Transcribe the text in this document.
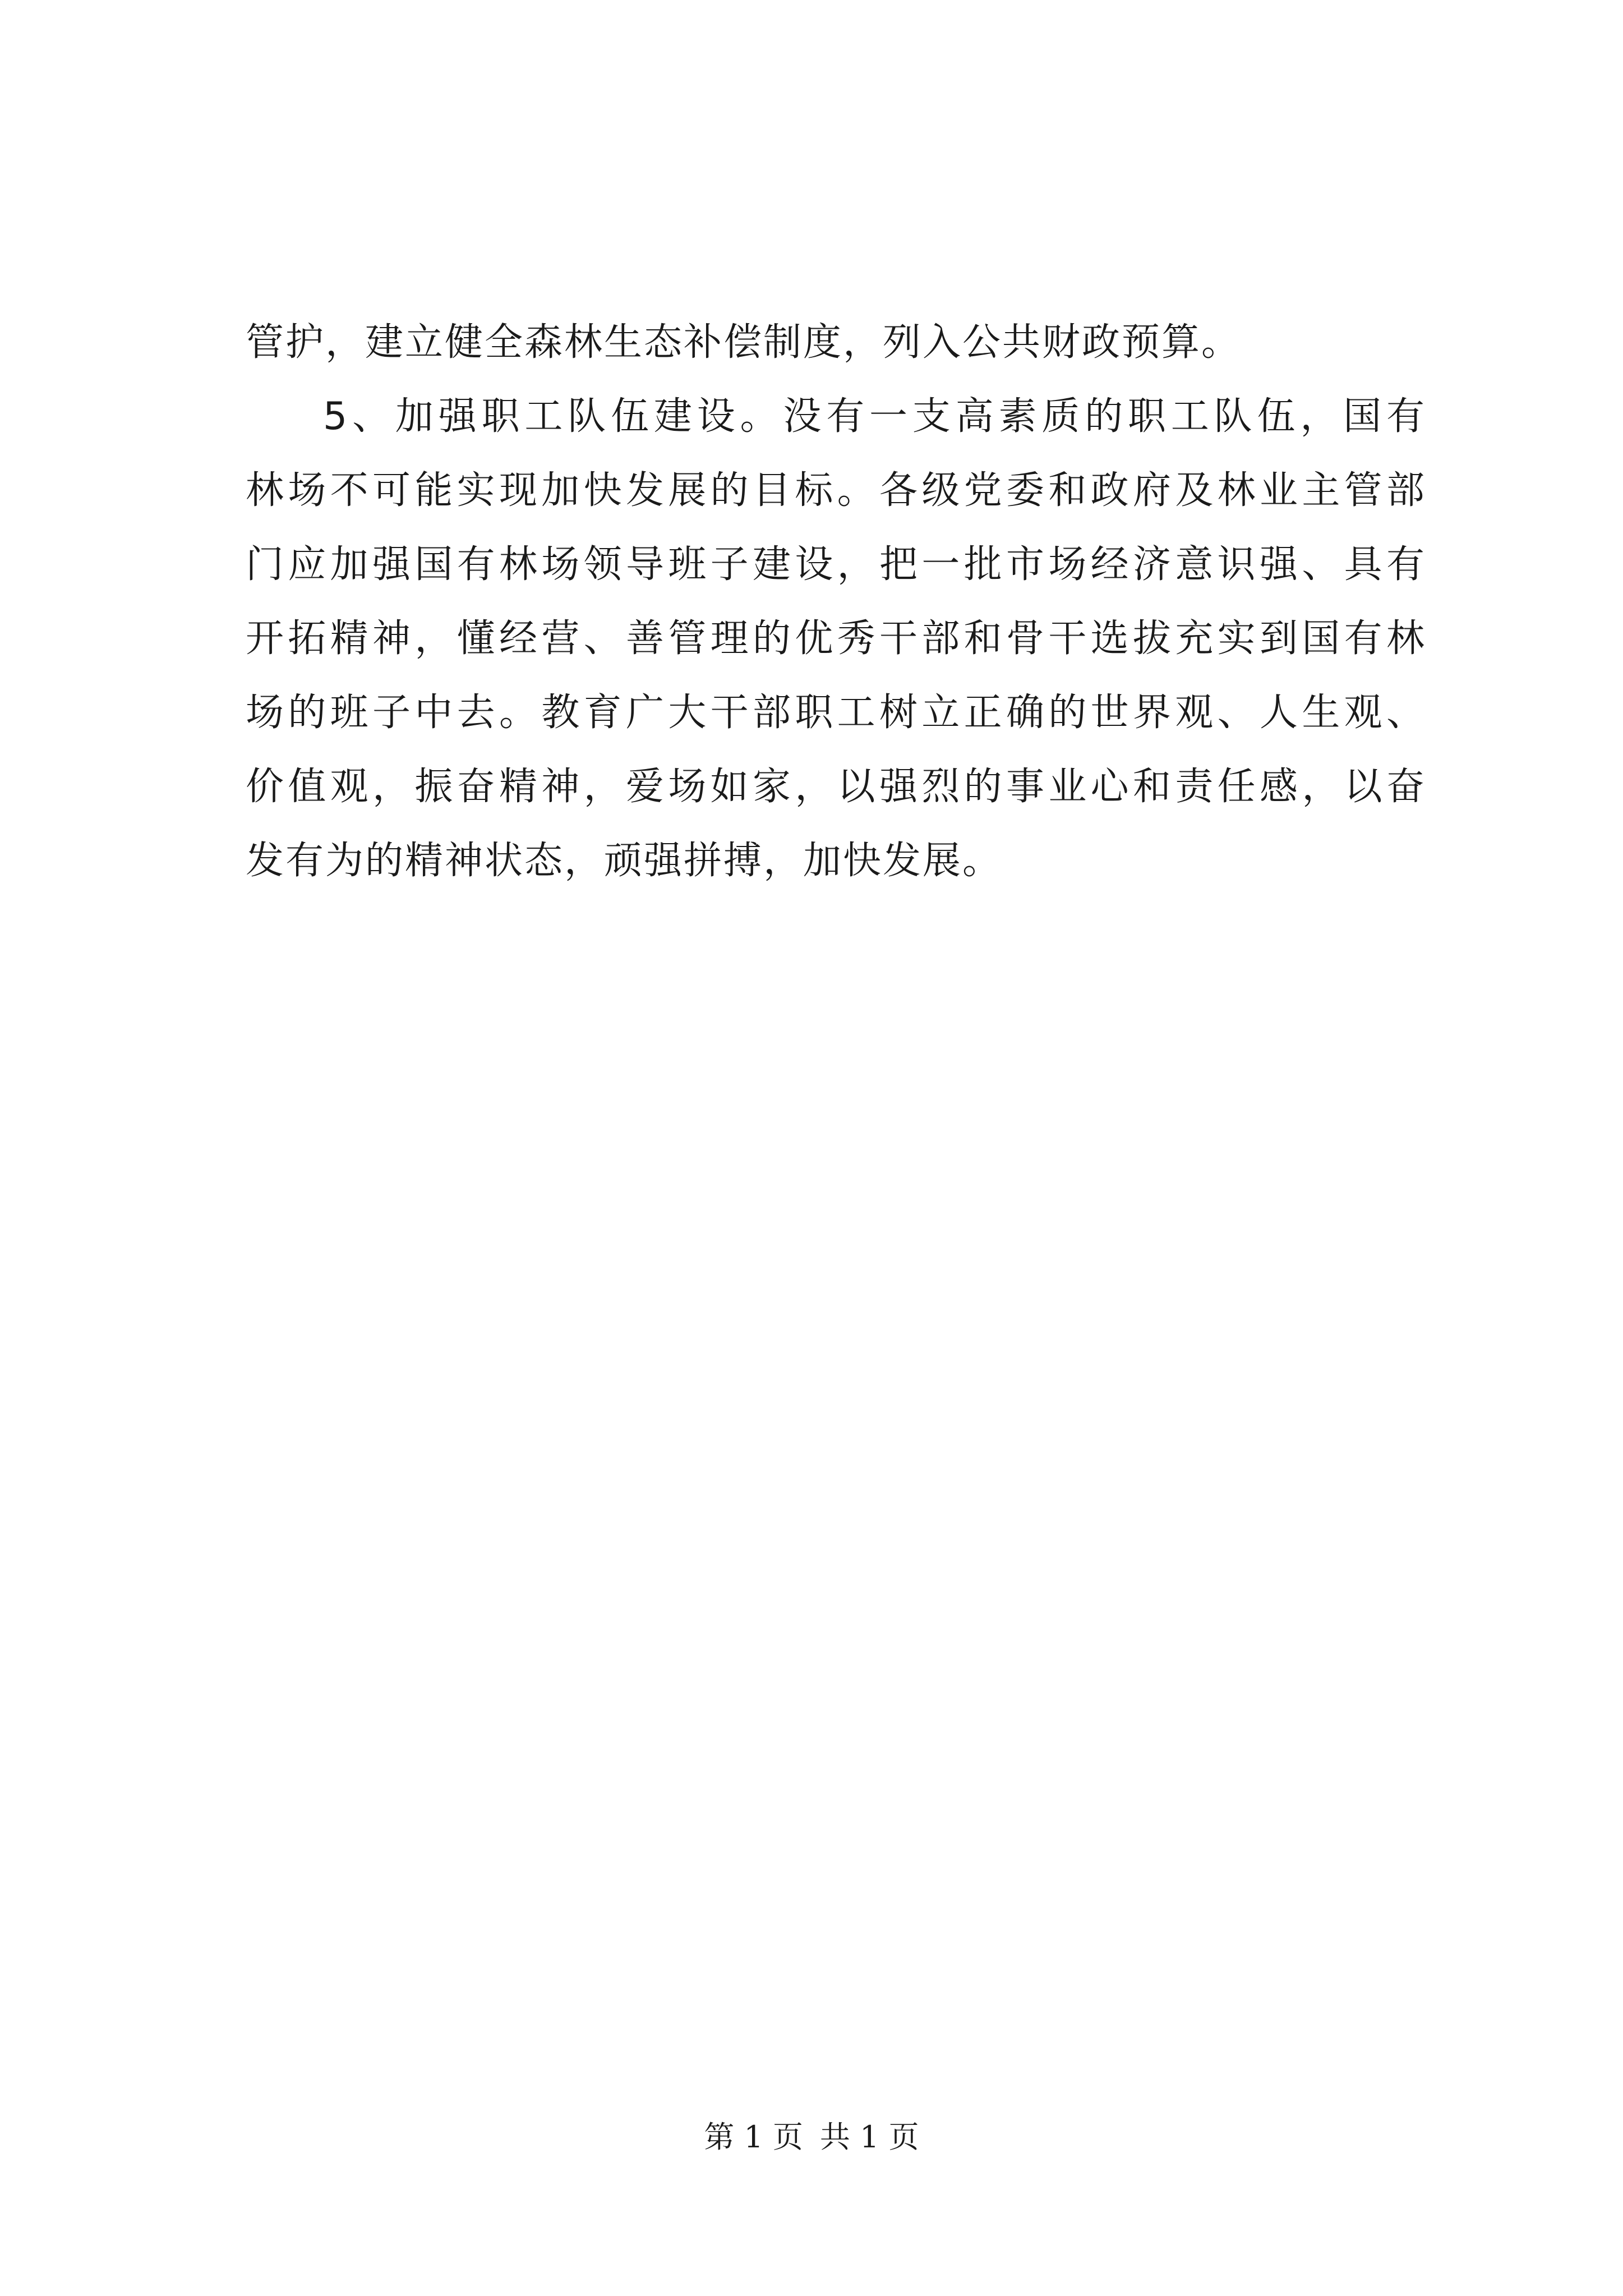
管护，建立健全森林生态补偿制度，列入公共财政预算。
5、加强职工队伍建设。没有一支高素质的职工队伍，国有
林场不可能实现加快发展的目标。各级党委和政府及林业主管部
门应加强国有林场领导班子建设，把一批市场经济意识强、具有
开拓精神，懂经营、善管理的优秀干部和骨干选拔充实到国有林
场的班子中去。教育广大干部职工树立正确的世界观、人生观、
价值观，振奋精神，爱场如家，以强烈的事业心和责任感，以奋
发有为的精神状态，顽强拼搏，加快发展。
第 1 页 共 1 页
